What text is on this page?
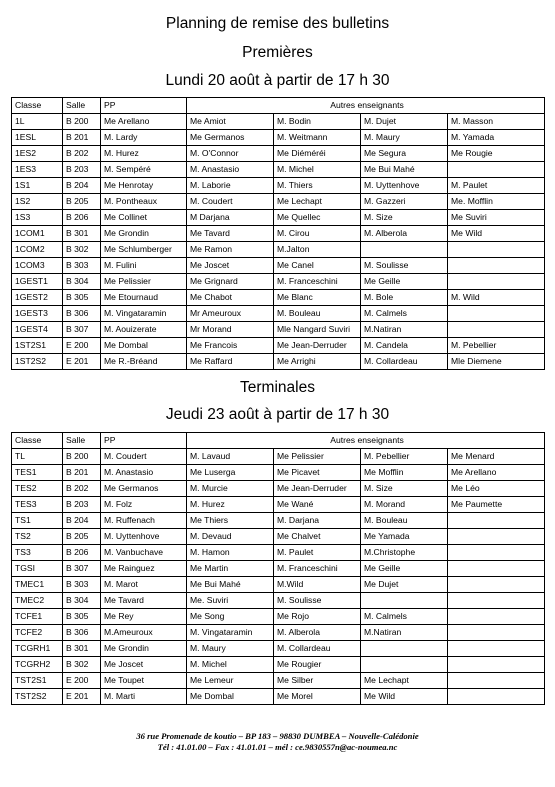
Planning de remise des bulletins
Premières
Lundi 20 août à partir de 17 h 30
Classe	Salle	PP	Autres enseignants			
1L	B 200	Me Arellano	Me Amiot	M. Bodin	M. Dujet	M. Masson
1ESL	B 201	M. Lardy	Me Germanos	M. Weitmann	M. Maury	M. Yamada
1ES2	B 202	M. Hurez	M. O'Connor	Me Diéméréi	Me Segura	Me Rougie
1ES3	B 203	M. Sempéré	M. Anastasio	M. Michel	Me Bui Mahé	
1S1	B 204	Me Henrotay	M. Laborie	M. Thiers	M. Uyttenhove	M. Paulet
1S2	B 205	M. Pontheaux	M. Coudert	Me Lechapt	M. Gazzeri	Me. Mofflin
1S3	B 206	Me Collinet	M Darjana	Me Quellec	M. Size	Me Suviri
1COM1	B 301	Me Grondin	Me Tavard	M. Cirou	M. Alberola	Me Wild
1COM2	B 302	Me Schlumberger	Me Ramon	M.Jalton		
1COM3	B 303	M. Fulini	Me Joscet	Me Canel	M. Soulisse	
1GEST1	B 304	Me Pelissier	Me Grignard	M. Franceschini	Me Geille	
1GEST2	B 305	Me Etournaud	Me Chabot	Me Blanc	M. Bole	M. Wild
1GEST3	B 306	M. Vingataramin	Mr Ameuroux	M. Bouleau	M. Calmels	
1GEST4	B 307	M. Aouizerate	Mr Morand	Mle Nangard Suviri	M.Natiran	
1ST2S1	E 200	Me Dombal	Me Francois	Me Jean-Derruder	M. Candela	M. Pebellier
1ST2S2	E 201	Me R.-Bréand	Me Raffard	Me Arrighi	M. Collardeau	Mle Diemene
Terminales
Jeudi 23 août à partir de 17 h 30
Classe	Salle	PP	Autres enseignants			
TL	B 200	M. Coudert	M. Lavaud	Me Pelissier	M. Pebellier	Me Menard
TES1	B 201	M. Anastasio	Me Luserga	Me Picavet	Me Mofflin	Me Arellano
TES2	B 202	Me Germanos	M. Murcie	Me Jean-Derruder	M. Size	Me Léo
TES3	B 203	M. Folz	M. Hurez	Me Wané	M. Morand	Me Paumette
TS1	B 204	M. Ruffenach	Me Thiers	M. Darjana	M. Bouleau	
TS2	B 205	M. Uyttenhove	M. Devaud	Me Chalvet	Me Yamada	
TS3	B 206	M. Vanbuchave	M. Hamon	M. Paulet	M.Christophe	
TGSI	B 307	Me Rainguez	Me Martin	M. Franceschini	Me Geille	
TMEC1	B 303	M. Marot	Me Bui Mahé	M.Wild	Me Dujet	
TMEC2	B 304	Me Tavard	Me. Suviri	M. Soulisse		
TCFE1	B 305	Me Rey	Me Song	Me Rojo	M. Calmels	
TCFE2	B 306	M.Ameuroux	M. Vingataramin	M. Alberola	M.Natiran	
TCGRH1	B 301	Me Grondin	M. Maury	M. Collardeau		
TCGRH2	B 302	Me Joscet	M. Michel	Me Rougier		
TST2S1	E 200	Me Toupet	Me Lemeur	Me Silber	Me Lechapt	
TST2S2	E 201	M. Marti	Me Dombal	Me Morel	Me Wild	
36 rue Promenade de koutio – BP 183 – 98830 DUMBEA – Nouvelle-Calédonie
Tél : 41.01.00 – Fax : 41.01.01 – mél : ce.9830557n@ac-noumea.nc
